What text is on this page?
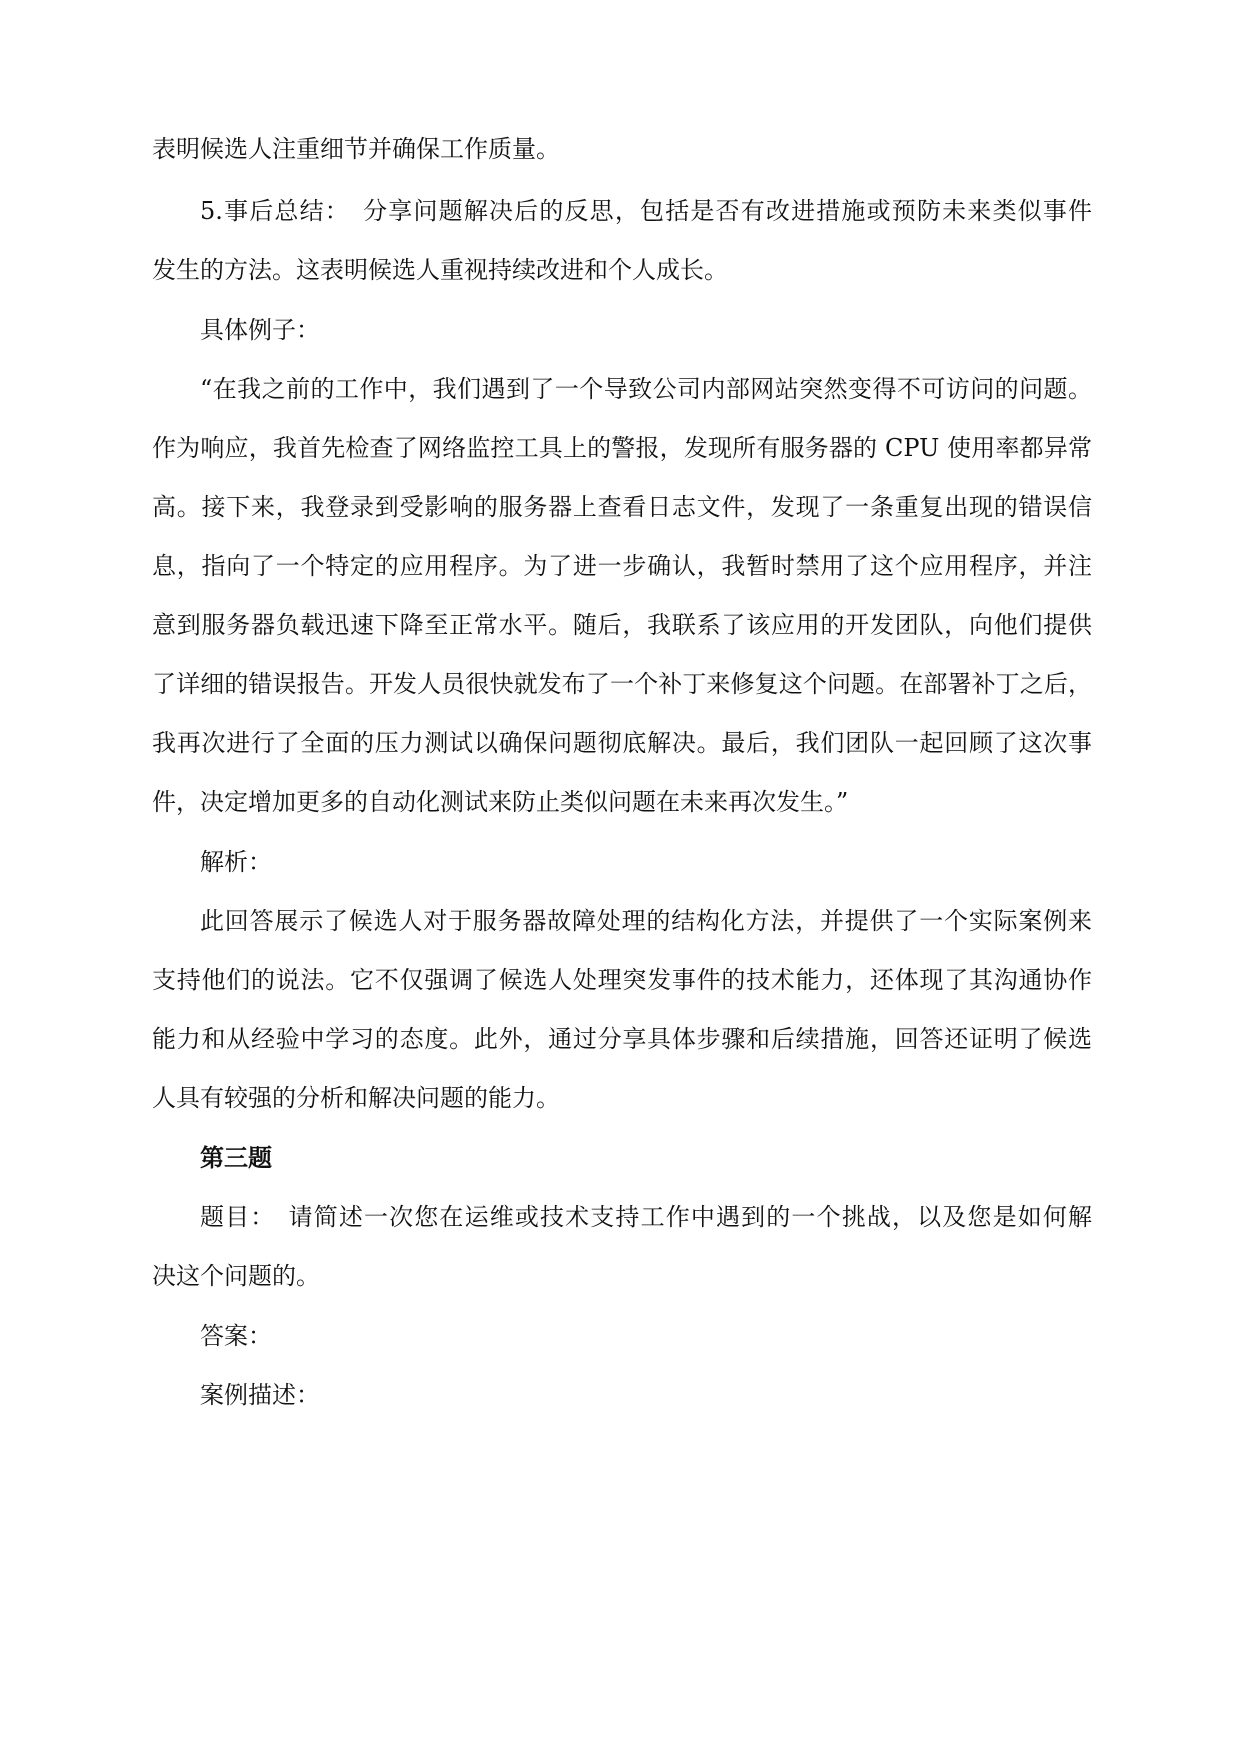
表明候选人注重细节并确保工作质量。
5.事后总结：　分享问题解决后的反思，包括是否有改进措施或预防未来类似事件
发生的方法。这表明候选人重视持续改进和个人成长。
具体例子：
“在我之前的工作中，我们遇到了一个导致公司内部网站突然变得不可访问的问题。
作为响应，我首先检查了网络监控工具上的警报，发现所有服务器的 CPU 使用率都异常
高。接下来，我登录到受影响的服务器上查看日志文件，发现了一条重复出现的错误信
息，指向了一个特定的应用程序。为了进一步确认，我暂时禁用了这个应用程序，并注
意到服务器负载迅速下降至正常水平。随后，我联系了该应用的开发团队，向他们提供
了详细的错误报告。开发人员很快就发布了一个补丁来修复这个问题。在部署补丁之后，
我再次进行了全面的压力测试以确保问题彻底解决。最后，我们团队一起回顾了这次事
件，决定增加更多的自动化测试来防止类似问题在未来再次发生。”
解析：
此回答展示了候选人对于服务器故障处理的结构化方法，并提供了一个实际案例来
支持他们的说法。它不仅强调了候选人处理突发事件的技术能力，还体现了其沟通协作
能力和从经验中学习的态度。此外，通过分享具体步骤和后续措施，回答还证明了候选
人具有较强的分析和解决问题的能力。
第三题
题目：　请简述一次您在运维或技术支持工作中遇到的一个挑战，以及您是如何解
决这个问题的。
答案：
案例描述：
